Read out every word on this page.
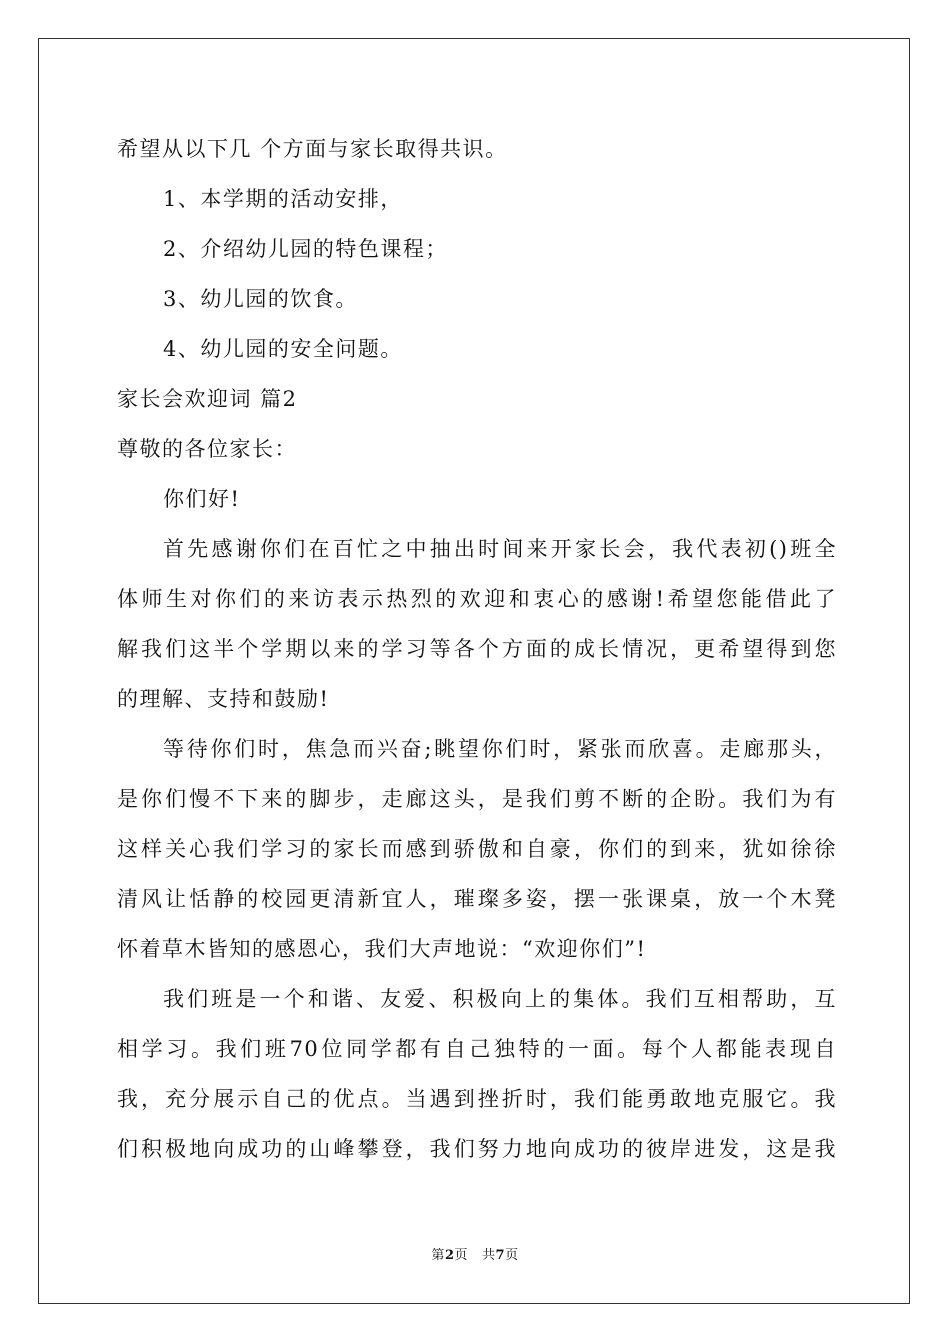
希望从以下几 个方面与家长取得共识。
1、本学期的活动安排，
2、介绍幼儿园的特色课程；
3、幼儿园的饮食。
4、幼儿园的安全问题。
家长会欢迎词 篇2
尊敬的各位家长：
你们好!
首先感谢你们在百忙之中抽出时间来开家长会，我代表初()班全
体师生对你们的来访表示热烈的欢迎和衷心的感谢!希望您能借此了
解我们这半个学期以来的学习等各个方面的成长情况，更希望得到您
的理解、支持和鼓励!
等待你们时，焦急而兴奋;眺望你们时，紧张而欣喜。走廊那头，
是你们慢不下来的脚步，走廊这头，是我们剪不断的企盼。我们为有
这样关心我们学习的家长而感到骄傲和自豪，你们的到来，犹如徐徐
清风让恬静的校园更清新宜人，璀璨多姿，摆一张课桌，放一个木凳
怀着草木皆知的感恩心，我们大声地说：“欢迎你们”!
我们班是一个和谐、友爱、积极向上的集体。我们互相帮助，互
相学习。我们班70位同学都有自己独特的一面。每个人都能表现自
我，充分展示自己的优点。当遇到挫折时，我们能勇敢地克服它。我
们积极地向成功的山峰攀登，我们努力地向成功的彼岸进发，这是我
第2页 共7页
